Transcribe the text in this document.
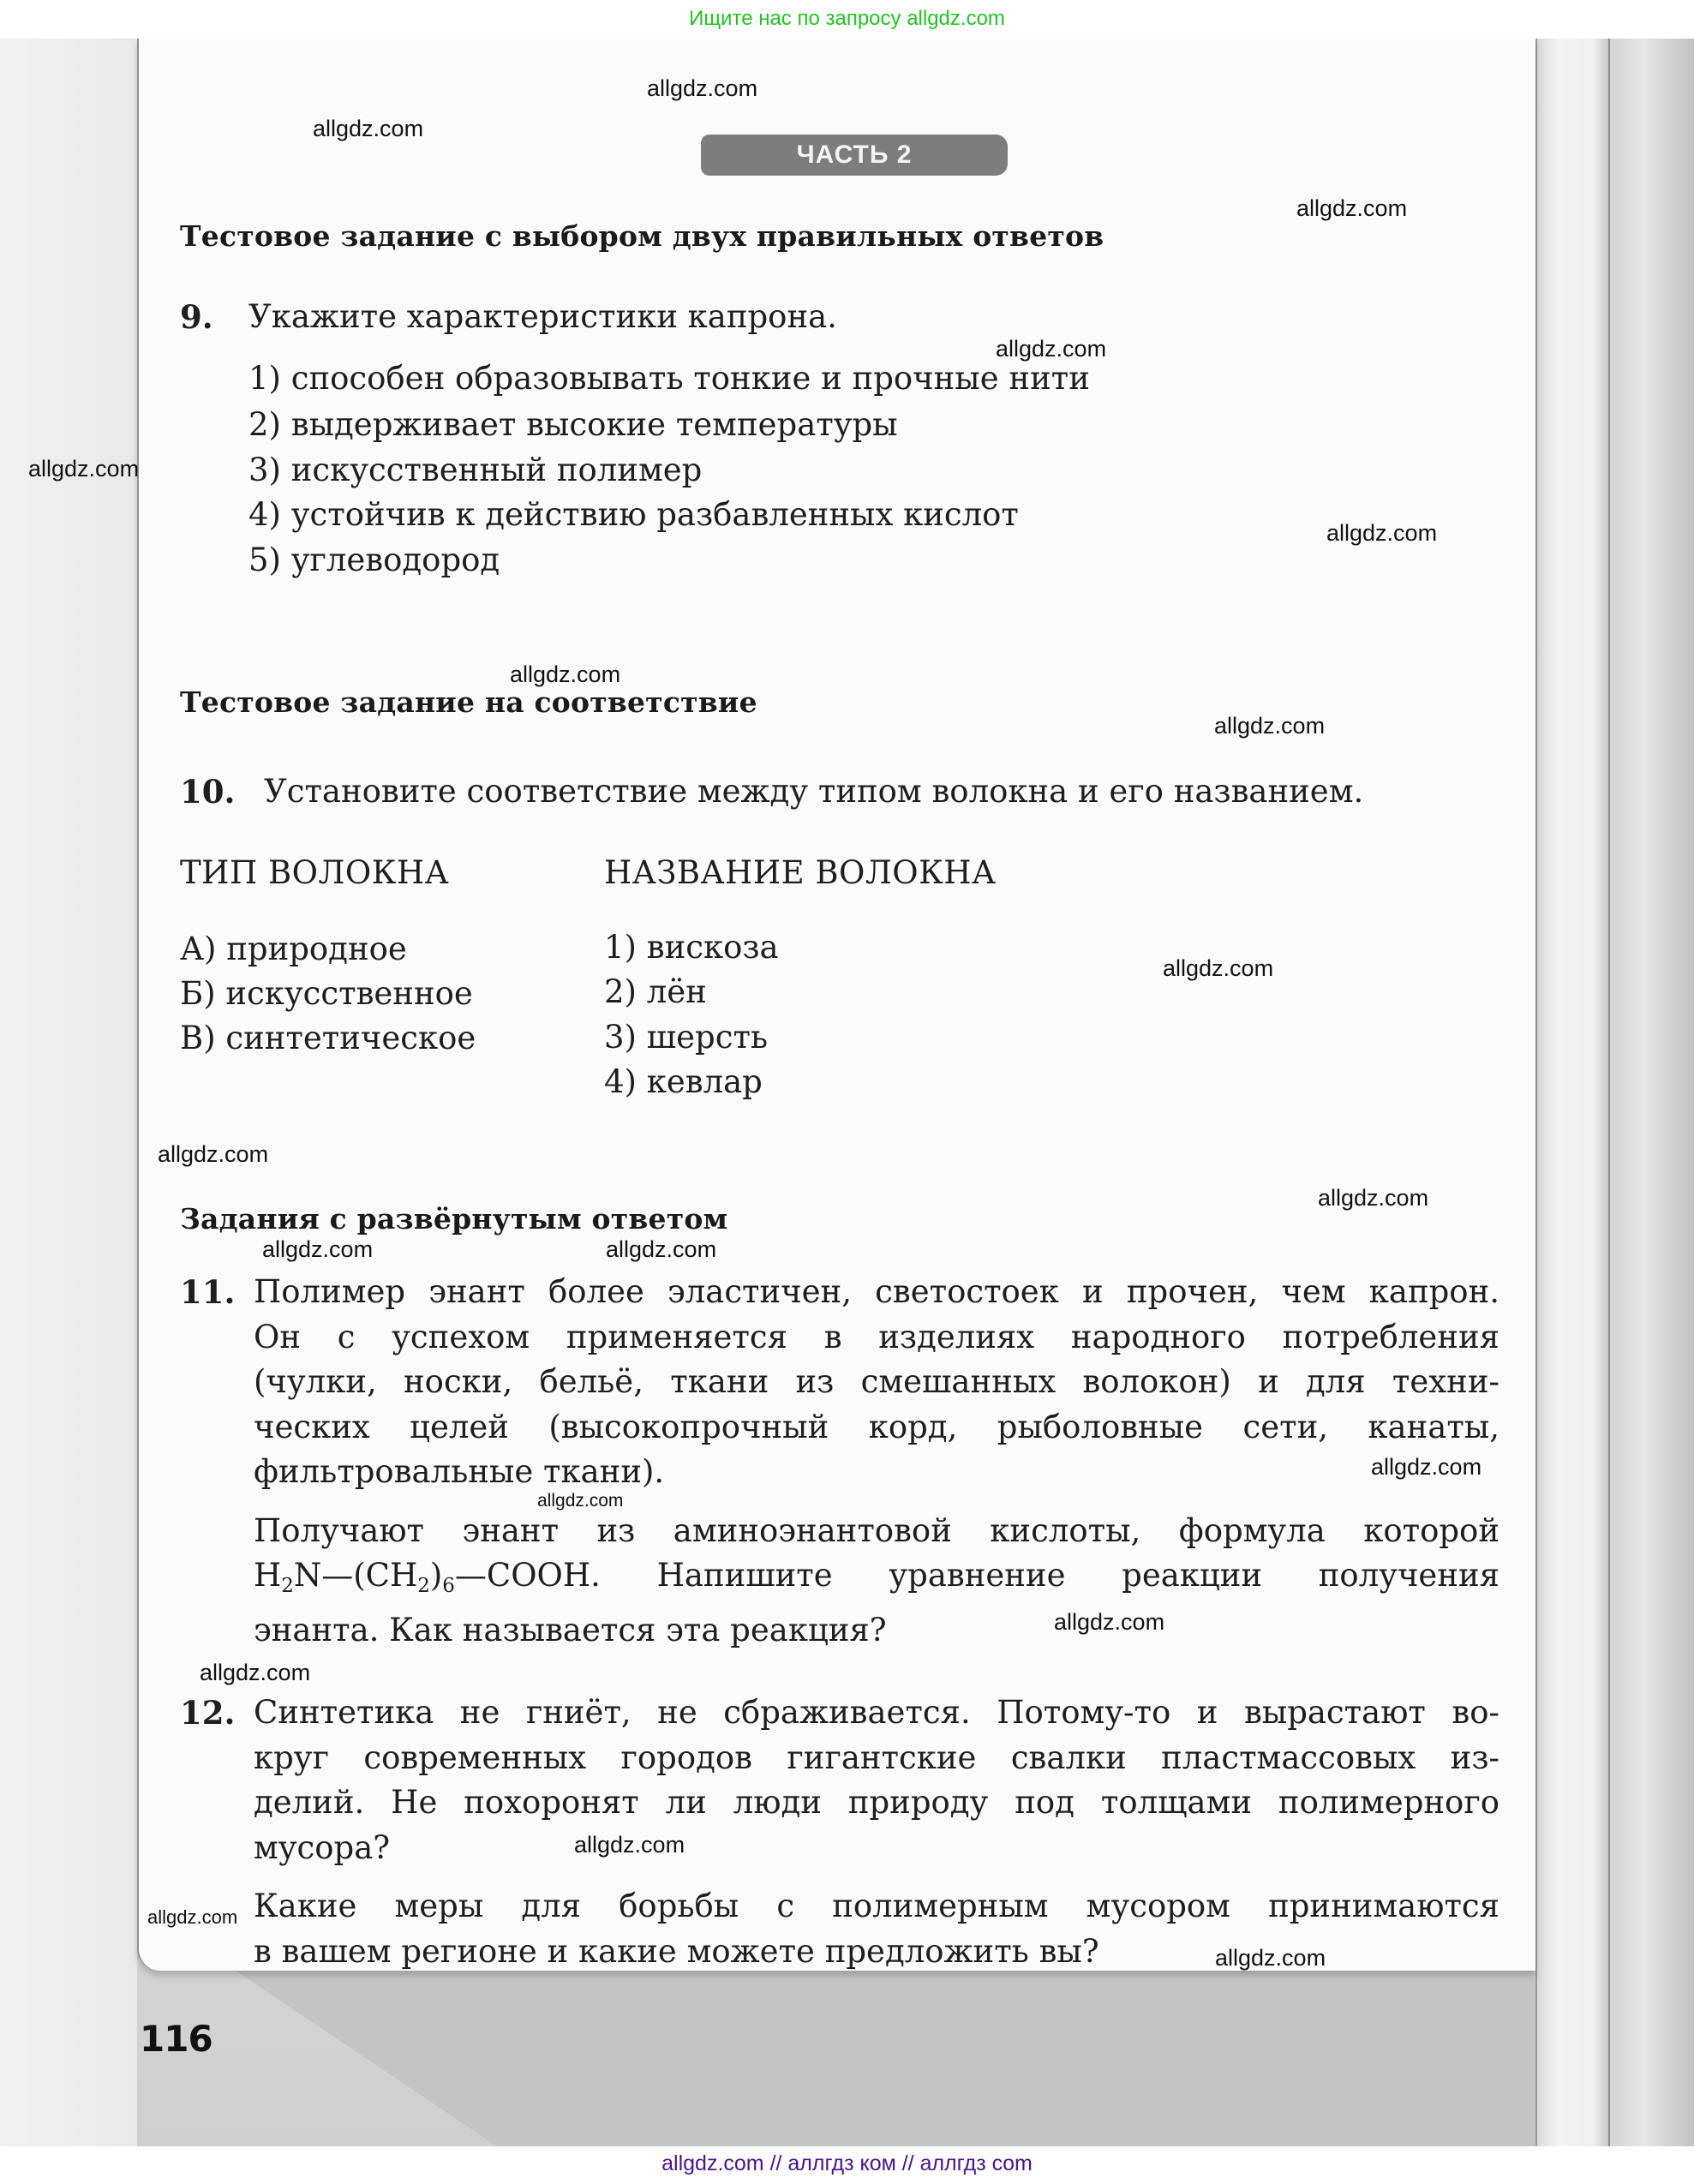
Ищите нас по запросу allgdz.com
ЧАСТЬ 2
Тестовое задание с выбором двух правильных ответов
9. Укажите характеристики капрона.
1) способен образовывать тонкие и прочные нити
2) выдерживает высокие температуры
3) искусственный полимер
4) устойчив к действию разбавленных кислот
5) углеводород
Тестовое задание на соответствие
10. Установите соответствие между типом волокна и его названием.
ТИП ВОЛОКНА	НАЗВАНИЕ ВОЛОКНА
А) природное
Б) искусственное
В) синтетическое
1) вискоза
2) лён
3) шерсть
4) кевлар
Задания с развёрнутым ответом
11. Полимер энант более эластичен, светостоек и прочен, чем капрон.
Он с успехом применяется в изделиях народного потребления
(чулки, носки, бельё, ткани из смешанных волокон) и для техни-
ческих целей (высокопрочный корд, рыболовные сети, канаты,
фильтровальные ткани).
Получают энант из аминоэнантовой кислоты, формула которой
$H_2N—(CH_2)_6—COOH$. Напишите уравнение реакции получения
энанта. Как называется эта реакция?
12. Синтетика не гниёт, не сбраживается. Потому-то и вырастают во-
круг современных городов гигантские свалки пластмассовых из-
делий. Не похоронят ли люди природу под толщами полимерного
мусора?
Какие меры для борьбы с полимерным мусором принимаются
в вашем регионе и какие можете предложить вы?
116
allgdz.com
allgdz.com
allgdz.com
allgdz.com
allgdz.com
allgdz.com
allgdz.com
allgdz.com
allgdz.com
allgdz.com
allgdz.com
allgdz.com	allgdz.com
allgdz.com
allgdz.com
allgdz.com
allgdz.com
allgdz.com
allgdz.com
allgdz.com
allgdz.com // аллгдз ком // аллгдз com
